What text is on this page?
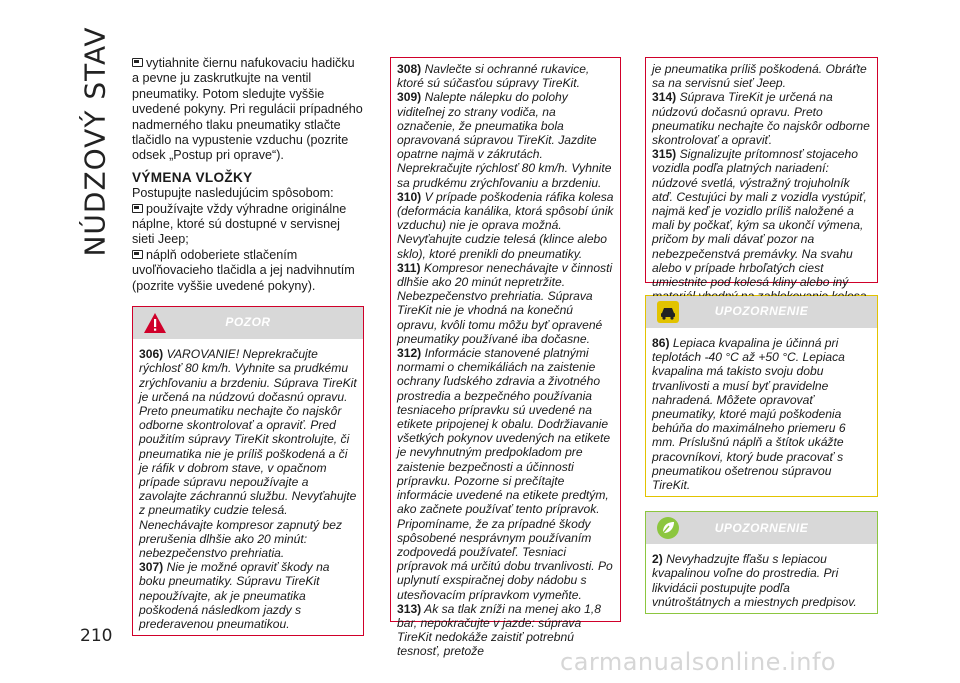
NÚDZOVÝ STAV
210

vytiahnite čiernu nafukovaciu hadičku a pevne ju zaskrutkujte na ventil pneumatiky. Potom sledujte vyššie uvedené pokyny. Pri regulácii prípadného nadmerného tlaku pneumatiky stlačte tlačidlo na vypustenie vzduchu (pozrite odsek „Postup pri oprave“).

VÝMENA VLOŽKY

Postupujte nasledujúcim spôsobom:

používajte vždy výhradne originálne náplne, ktoré sú dostupné v servisnej sieti Jeep;

náplň odoberiete stlačením uvoľňovacieho tlačidla a jej nadvihnutím (pozrite vyššie uvedené pokyny).

POZOR

306) VAROVANIE! Neprekračujte rýchlosť 80 km/h. Vyhnite sa prudkému zrýchľovaniu a brzdeniu. Súprava TireKit je určená na núdzovú dočasnú opravu. Preto pneumatiku nechajte čo najskôr odborne skontrolovať a opraviť. Pred použitím súpravy TireKit skontrolujte, či pneumatika nie je príliš poškodená a či je ráfik v dobrom stave, v opačnom prípade súpravu nepoužívajte a zavolajte záchrannú službu. Nevyťahujte z pneumatiky cudzie telesá. Nenechávajte kompresor zapnutý bez prerušenia dlhšie ako 20 minút: nebezpečenstvo prehriatia.

307) Nie je možné opraviť škody na boku pneumatiky. Súpravu TireKit nepoužívajte, ak je pneumatika poškodená následkom jazdy s prederavenou pneumatikou.

308) Navlečte si ochranné rukavice, ktoré sú súčasťou súpravy TireKit.

309) Nalepte nálepku do polohy viditeľnej zo strany vodiča, na označenie, že pneumatika bola opravovaná súpravou TireKit. Jazdite opatrne najmä v zákrutách. Neprekračujte rýchlosť 80 km/h. Vyhnite sa prudkému zrýchľovaniu a brzdeniu.

310) V prípade poškodenia ráfika kolesa (deformácia kanálika, ktorá spôsobí únik vzduchu) nie je oprava možná. Nevyťahujte cudzie telesá (klince alebo sklo), ktoré prenikli do pneumatiky.

311) Kompresor nenechávajte v činnosti dlhšie ako 20 minút nepretržite. Nebezpečenstvo prehriatia. Súprava TireKit nie je vhodná na konečnú opravu, kvôli tomu môžu byť opravené pneumatiky používané iba dočasne.

312) Informácie stanovené platnými normami o chemikáliách na zaistenie ochrany ľudského zdravia a životného prostredia a bezpečného používania tesniaceho prípravku sú uvedené na etikete pripojenej k obalu. Dodržiavanie všetkých pokynov uvedených na etikete je nevyhnutným predpokladom pre zaistenie bezpečnosti a účinnosti prípravku. Pozorne si prečítajte informácie uvedené na etikete predtým, ako začnete používať tento prípravok. Pripomíname, že za prípadné škody spôsobené nesprávnym používaním zodpovedá používateľ. Tesniaci prípravok má určitú dobu trvanlivosti. Po uplynutí exspiračnej doby nádobu s utesňovacím prípravkom vymeňte.

313) Ak sa tlak zníži na menej ako 1,8 bar, nepokračujte v jazde: súprava TireKit nedokáže zaistiť potrebnú tesnosť, pretože

je pneumatika príliš poškodená. Obráťte sa na servisnú sieť Jeep.

314) Súprava TireKit je určená na núdzovú dočasnú opravu. Preto pneumatiku nechajte čo najskôr odborne skontrolovať a opraviť.

315) Signalizujte prítomnosť stojaceho vozidla podľa platných nariadení: núdzové svetlá, výstražný trojuholník atď. Cestujúci by mali z vozidla vystúpiť, najmä keď je vozidlo príliš naložené a mali by počkať, kým sa ukončí výmena, pričom by mali dávať pozor na nebezpečenstvá premávky. Na svahu alebo v prípade hrboľatých ciest umiestnite pod kolesá kliny alebo iný

UPOZORNENIE

86) Lepiaca kvapalina je účinná pri teplotách -40 °C až +50 °C. Lepiaca kvapalina má takisto svoju dobu trvanlivosti a musí byť pravidelne nahradená. Môžete opravovať pneumatiky, ktoré majú poškodenia behúňa do maximálneho priemeru 6 mm. Príslušnú náplň a štítok ukážte pracovníkovi, ktorý bude pracovať s pneumatikou ošetrenou súpravou TireKit.

UPOZORNENIE

2) Nevyhadzujte fľašu s lepiacou kvapalinou voľne do prostredia. Pri likvidácii postupujte podľa vnútroštátnych a miestnych predpisov.

carmanualsonline.info
